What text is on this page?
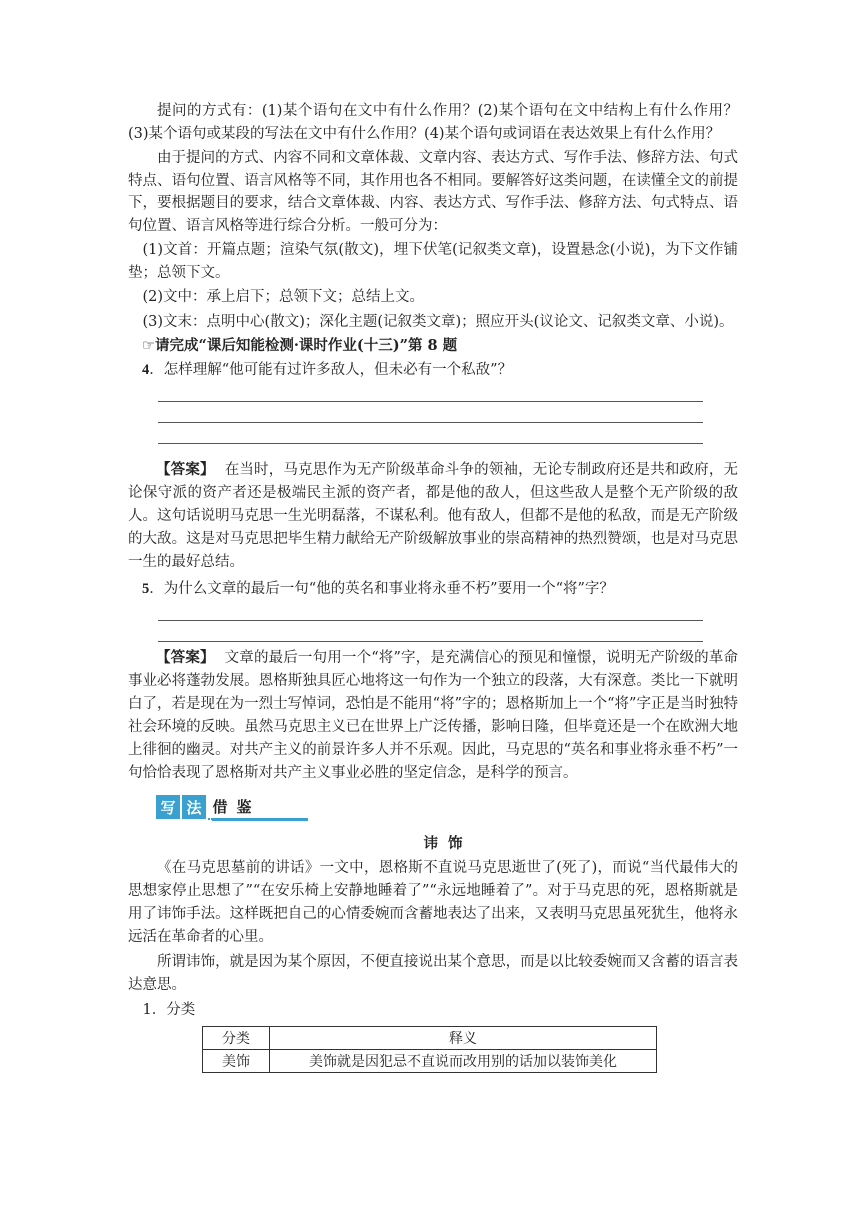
提问的方式有：(1)某个语句在文中有什么作用？(2)某个语句在文中结构上有什么作用？(3)某个语句或某段的写法在文中有什么作用？(4)某个语句或词语在表达效果上有什么作用？

由于提问的方式、内容不同和文章体裁、文章内容、表达方式、写作手法、修辞方法、句式特点、语句位置、语言风格等不同，其作用也各不相同。要解答好这类问题，在读懂全文的前提下，要根据题目的要求，结合文章体裁、内容、表达方式、写作手法、修辞方法、句式特点、语句位置、语言风格等进行综合分析。一般可分为：

(1)文首：开篇点题；渲染气氛(散文)，埋下伏笔(记叙类文章)，设置悬念(小说)，为下文作铺垫；总领下文。

(2)文中：承上启下；总领下文；总结上文。

(3)文末：点明中心(散文)；深化主题(记叙类文章)；照应开头(议论文、记叙类文章、小说)。

☞请完成“课后知能检测·课时作业(十三)”第 8 题

4．怎样理解“他可能有过许多敌人，但未必有一个私敌”？

【答案】 在当时，马克思作为无产阶级革命斗争的领袖，无论专制政府还是共和政府，无论保守派的资产者还是极端民主派的资产者，都是他的敌人，但这些敌人是整个无产阶级的敌人。这句话说明马克思一生光明磊落，不谋私利。他有敌人，但都不是他的私敌，而是无产阶级的大敌。这是对马克思把毕生精力献给无产阶级解放事业的崇高精神的热烈赞颂，也是对马克思一生的最好总结。

5．为什么文章的最后一句“他的英名和事业将永垂不朽”要用一个“将”字？

【答案】 文章的最后一句用一个“将”字，是充满信心的预见和憧憬，说明无产阶级的革命事业必将蓬勃发展。恩格斯独具匠心地将这一句作为一个独立的段落，大有深意。类比一下就明白了，若是现在为一烈士写悼词，恐怕是不能用“将”字的；恩格斯加上一个“将”字正是当时独特社会环境的反映。虽然马克思主义已在世界上广泛传播，影响日隆，但毕竟还是一个在欧洲大地上徘徊的幽灵。对共产主义的前景许多人并不乐观。因此，马克思的“英名和事业将永垂不朽”一句恰恰表现了恩格斯对共产主义事业必胜的坚定信念，是科学的预言。

写 法 借 鉴

讳饰

《在马克思墓前的讲话》一文中，恩格斯不直说马克思逝世了(死了)，而说“当代最伟大的思想家停止思想了”“在安乐椅上安静地睡着了”“永远地睡着了”。对于马克思的死，恩格斯就是用了讳饰手法。这样既把自己的心情委婉而含蓄地表达了出来，又表明马克思虽死犹生，他将永远活在革命者的心里。

所谓讳饰，就是因为某个原因，不便直接说出某个意思，而是以比较委婉而又含蓄的语言表达意思。

1．分类

分类	释义
美饰	美饰就是因犯忌不直说而改用别的话加以装饰美化
